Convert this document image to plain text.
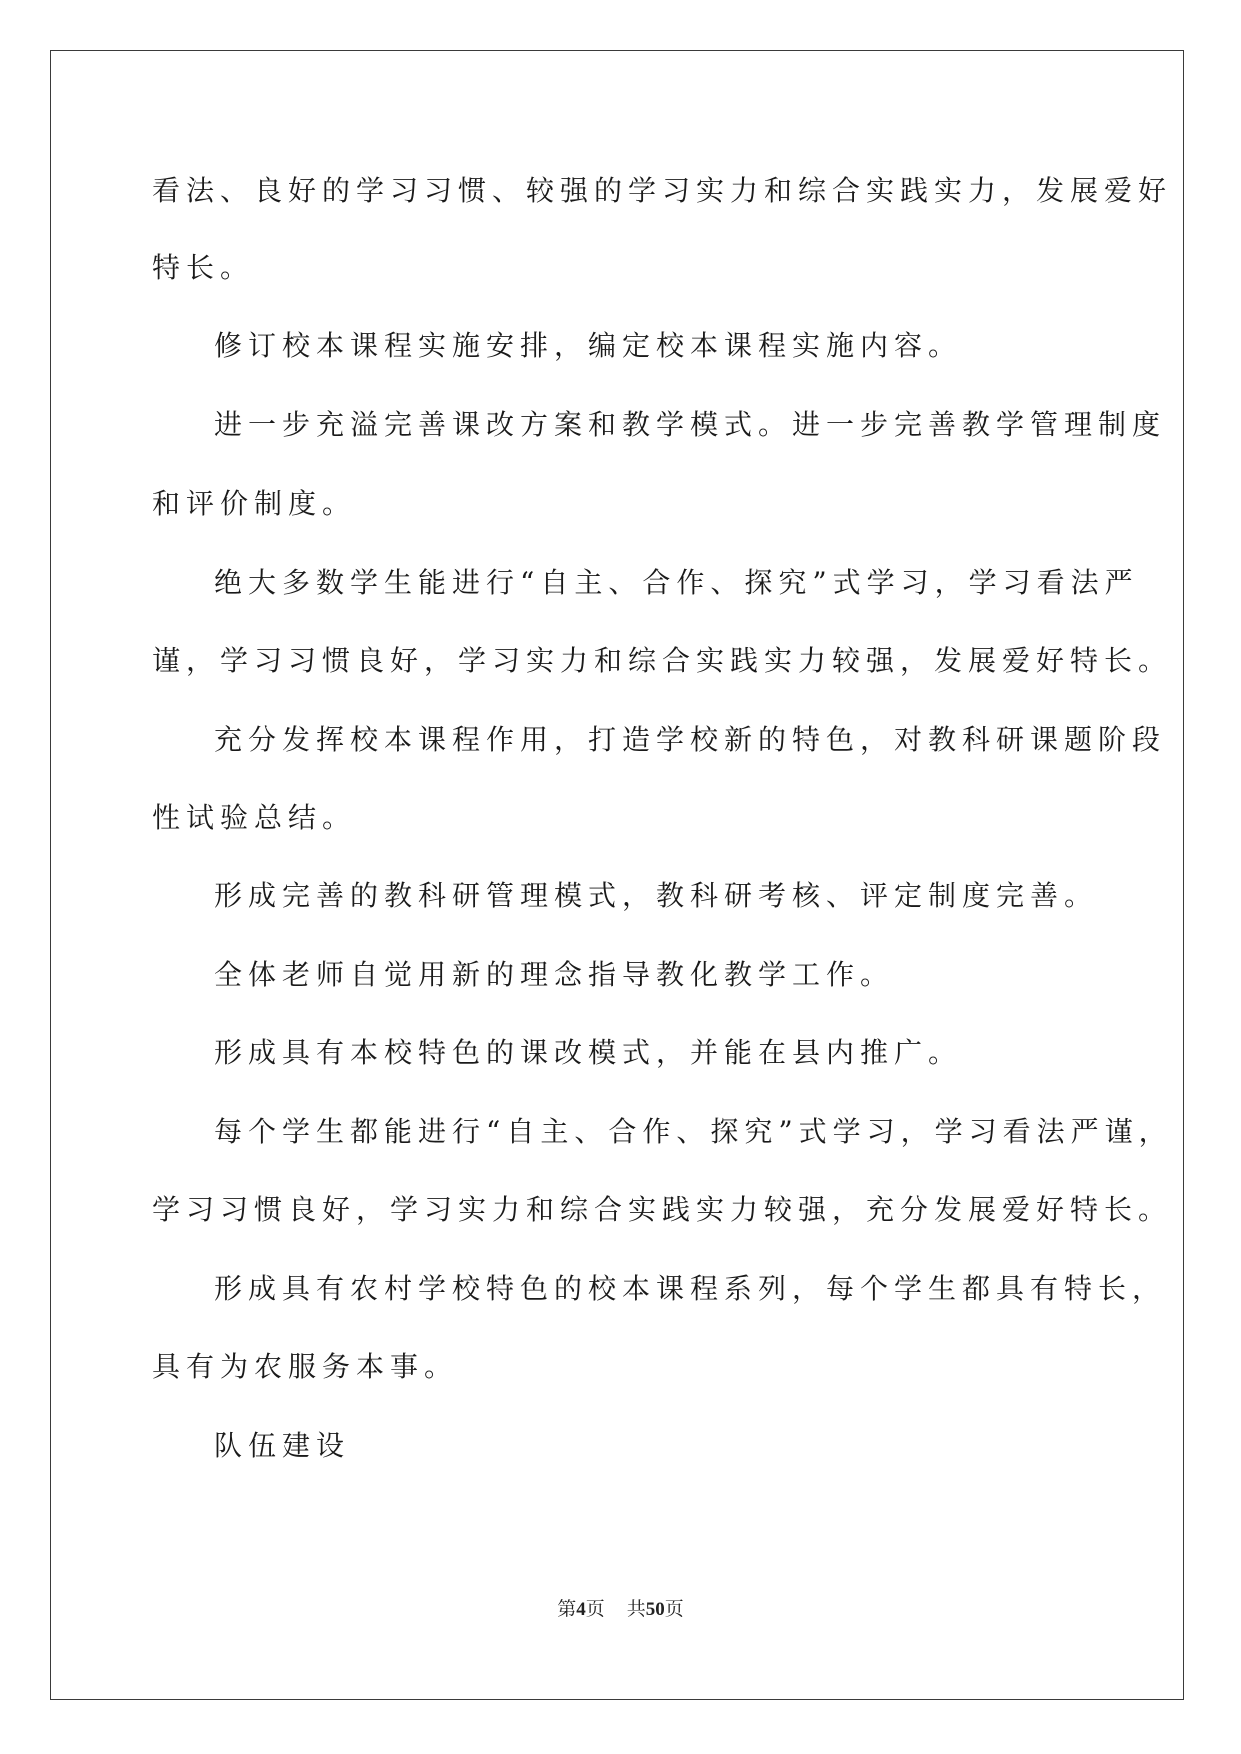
看法、良好的学习习惯、较强的学习实力和综合实践实力，发展爱好
特长。
修订校本课程实施安排，编定校本课程实施内容。
进一步充溢完善课改方案和教学模式。进一步完善教学管理制度
和评价制度。
绝大多数学生能进行“自主、合作、探究”式学习，学习看法严
谨，学习习惯良好，学习实力和综合实践实力较强，发展爱好特长。
充分发挥校本课程作用，打造学校新的特色，对教科研课题阶段
性试验总结。
形成完善的教科研管理模式，教科研考核、评定制度完善。
全体老师自觉用新的理念指导教化教学工作。
形成具有本校特色的课改模式，并能在县内推广。
每个学生都能进行“自主、合作、探究”式学习，学习看法严谨，
学习习惯良好，学习实力和综合实践实力较强，充分发展爱好特长。
形成具有农村学校特色的校本课程系列，每个学生都具有特长，
具有为农服务本事。
队伍建设
第4页 共50页
